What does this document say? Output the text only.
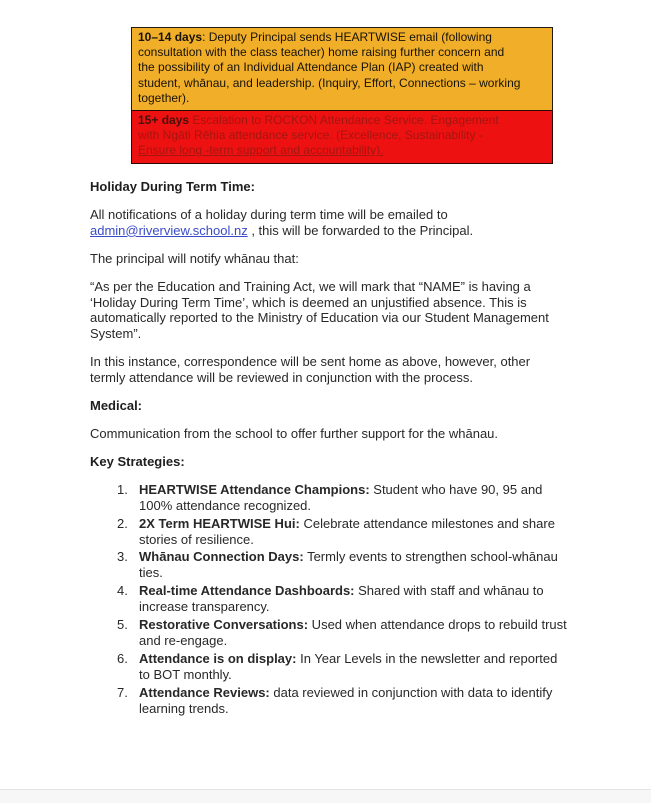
10–14 days: Deputy Principal sends HEARTWISE email (following
consultation with the class teacher) home raising further concern and
the possibility of an Individual Attendance Plan (IAP) created with
student, whānau, and leadership. (Inquiry, Effort, Connections – working
together).
15+ days Escalation to ROCKON Attendance Service. Engagement
with Ngāti Rēhia attendance service. (Excellence, Sustainability -
Ensure long -term support and accountability).
Holiday During Term Time:
All notifications of a holiday during term time will be emailed to
admin@riverview.school.nz , this will be forwarded to the Principal.
The principal will notify whānau that:
“As per the Education and Training Act, we will mark that “NAME” is having a
‘Holiday During Term Time’, which is deemed an unjustified absence. This is
automatically reported to the Ministry of Education via our Student Management
System”.
In this instance, correspondence will be sent home as above, however, other
termly attendance will be reviewed in conjunction with the process.
Medical:
Communication from the school to offer further support for the whānau.
Key Strategies:
1. HEARTWISE Attendance Champions: Student who have 90, 95 and
100% attendance recognized.
2. 2X Term HEARTWISE Hui: Celebrate attendance milestones and share
stories of resilience.
3. Whānau Connection Days: Termly events to strengthen school-whānau
ties.
4. Real-time Attendance Dashboards: Shared with staff and whānau to
increase transparency.
5. Restorative Conversations: Used when attendance drops to rebuild trust
and re-engage.
6. Attendance is on display: In Year Levels in the newsletter and reported
to BOT monthly.
7. Attendance Reviews: data reviewed in conjunction with data to identify
learning trends.
